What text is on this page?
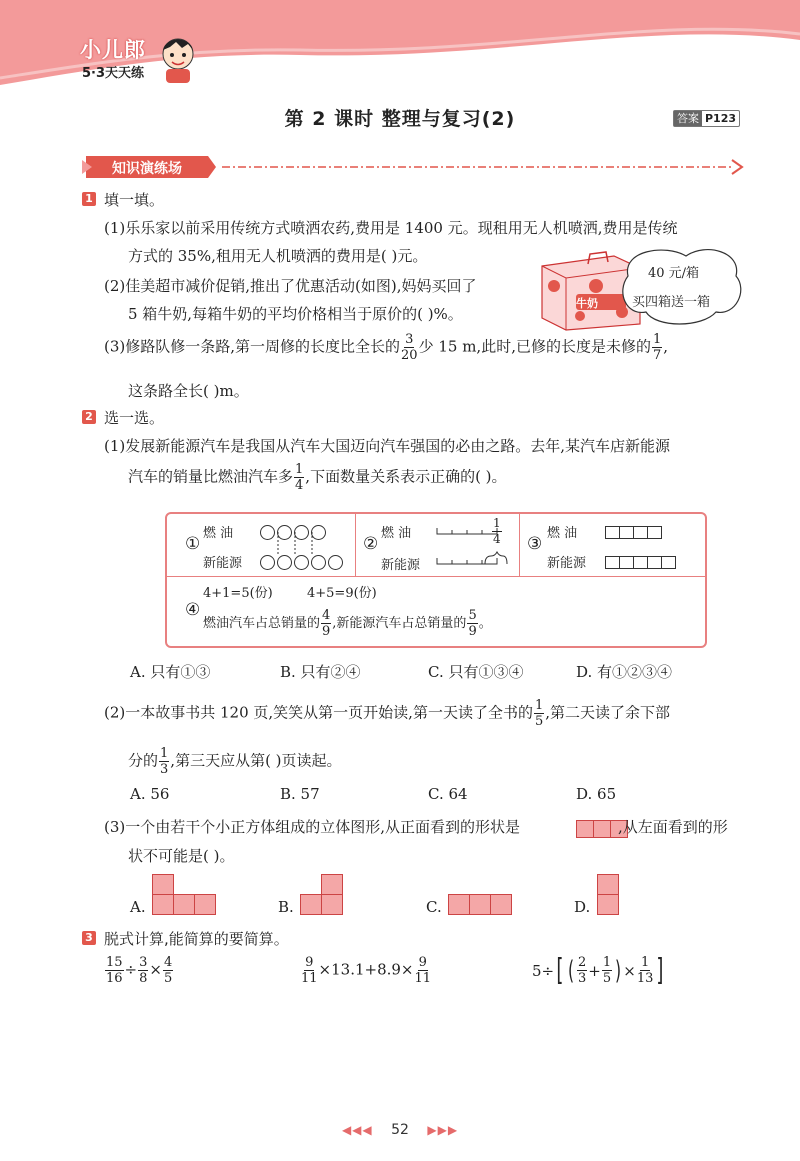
小儿郎
5·3天天练
第 2 课时 整理与复习(2)	答案 P123
知识演练场
1 填一填。
(1)乐乐家以前采用传统方式喷洒农药,费用是 1400 元。现租用无人机喷洒,费用是传统
方式的 35%,租用无人机喷洒的费用是( )元。
(2)佳美超市减价促销,推出了优惠活动(如图),妈妈买回了
5 箱牛奶,每箱牛奶的平均价格相当于原价的( )%。
牛奶
40 元/箱
买四箱送一箱
(3)修路队修一条路,第一周修的长度比全长的 $\frac{3}{20}$ 少 15 m,此时,已修的长度是未修的 $\frac{1}{7}$ ,
这条路全长( )m。
2 选一选。
(1)发展新能源汽车是我国从汽车大国迈向汽车强国的必由之路。去年,某汽车店新能源
汽车的销量比燃油汽车多 $\frac{1}{4}$ ,下面数量关系表示正确的( )。
①
燃 油
新能源
②
燃 油	$\frac{1}{4}$
新能源
③
燃 油
新能源
④
4+1=5(份)	4+5=9(份)
燃油汽车占总销量的 $\frac{4}{9}$ ,新能源汽车占总销量的 $\frac{5}{9}$ 。
A. 只有①③	B. 只有②④	C. 只有①③④	D. 有①②③④
(2)一本故事书共 120 页,笑笑从第一页开始读,第一天读了全书的 $\frac{1}{5}$ ,第二天读了余下部
分的 $\frac{1}{3}$ ,第三天应从第( )页读起。
A. 56	B. 57	C. 64	D. 65
(3)一个由若干个小正方体组成的立体图形,从正面看到的形状是	,从左面看到的形
状不可能是( )。
A.	B.	C.	D.
3 脱式计算,能简算的要简算。
$\frac{15}{16} \div \frac{3}{8} \times \frac{4}{5}$	$\frac{9}{11} \times 13.1+8.9\times \frac{9}{11}$	5÷ [ ( $\frac{2}{3} + \frac{1}{5}$ ) × $\frac{1}{13}$ ]
◀◀◀ 52 ▶▶▶
